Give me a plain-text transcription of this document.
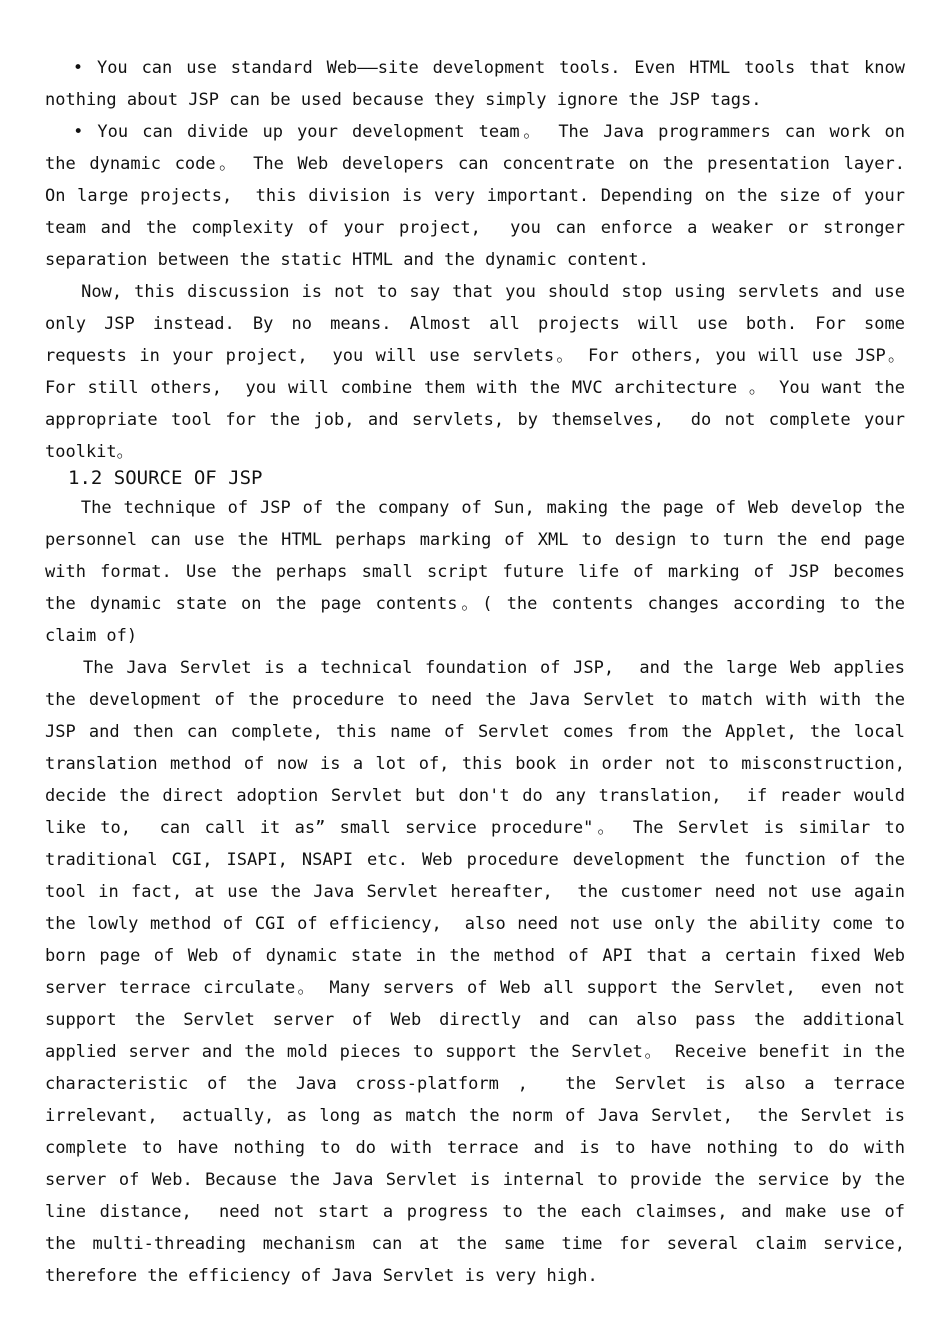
• You can use standard Web——site development tools. Even HTML tools that know
nothing about JSP can be used because they simply ignore the JSP tags.
• You can divide up your development team。 The Java programmers can work on
the dynamic code。 The Web developers can concentrate on the presentation layer.
On large projects,  this division is very important. Depending on the size of your
team and the complexity of your project,  you can enforce a weaker or stronger
separation between the static HTML and the dynamic content.
Now, this discussion is not to say that you should stop using servlets and use
only JSP instead. By no means. Almost all projects will use both. For some
requests in your project,  you will use servlets。 For others, you will use JSP。
For still others,  you will combine them with the MVC architecture 。 You want the
appropriate tool for the job, and servlets, by themselves,  do not complete your
toolkit。
1.2 SOURCE OF JSP
The technique of JSP of the company of Sun, making the page of Web develop the
personnel can use the HTML perhaps marking of XML to design to turn the end page
with format. Use the perhaps small script future life of marking of JSP becomes
the dynamic state on the page contents。( the contents changes according to the
claim of)
The Java Servlet is a technical foundation of JSP,  and the large Web applies
the development of the procedure to need the Java Servlet to match with with the
JSP and then can complete, this name of Servlet comes from the Applet, the local
translation method of now is a lot of, this book in order not to misconstruction,
decide the direct adoption Servlet but don't do any translation,  if reader would
like to,  can call it as” small service procedure"。 The Servlet is similar to
traditional CGI, ISAPI, NSAPI etc. Web procedure development the function of the
tool in fact, at use the Java Servlet hereafter,  the customer need not use again
the lowly method of CGI of efficiency,  also need not use only the ability come to
born page of Web of dynamic state in the method of API that a certain fixed Web
server terrace circulate。 Many servers of Web all support the Servlet,  even not
support the Servlet server of Web directly and can also pass the additional
applied server and the mold pieces to support the Servlet。 Receive benefit in the
characteristic of the Java cross-platform ,  the Servlet is also a terrace
irrelevant,  actually, as long as match the norm of Java Servlet,  the Servlet is
complete to have nothing to do with terrace and is to have nothing to do with
server of Web. Because the Java Servlet is internal to provide the service by the
line distance,  need not start a progress to the each claimses, and make use of
the multi-threading mechanism can at the same time for several claim service,
therefore the efficiency of Java Servlet is very high.
